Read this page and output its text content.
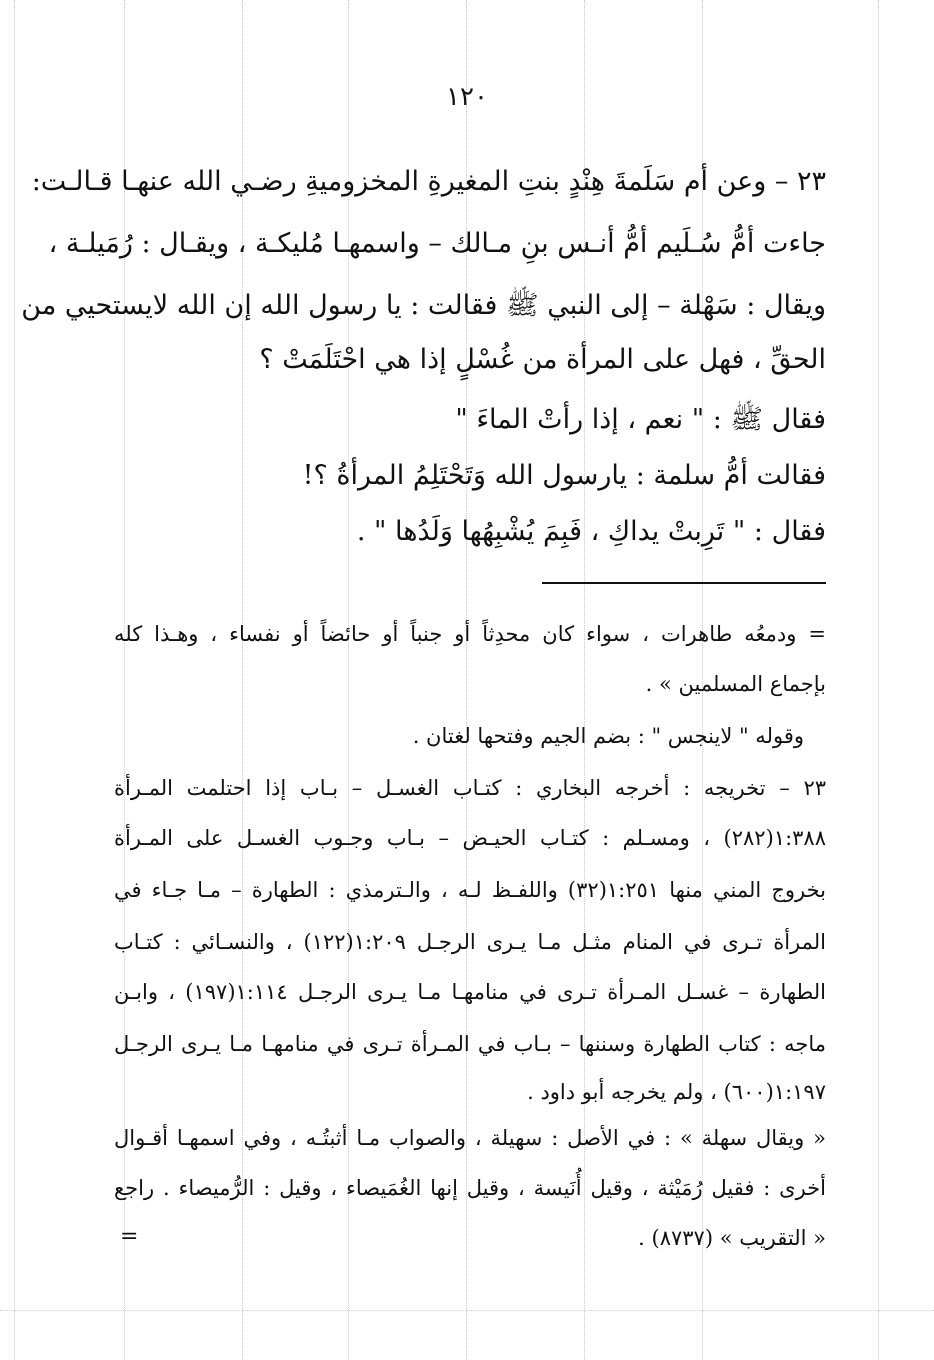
١٢٠
٢٣ – وعن أم سَلَمةَ هِنْدٍ بنتِ المغيرةِ المخزوميةِ رضـي الله عنهـا قـالـت:
جاءت أمُّ سُـلَيم أمُّ أنـس بنِ مـالك – واسمهـا مُليكـة ، ويقـال : رُمَيلـة ،
ويقال : سَهْلة – إلى النبي ﷺ فقالت : يا رسول الله إن الله لايستحيي من
الحقِّ ، فهل على المرأة من غُسْلٍ إذا هي احْتَلَمَتْ ؟
فقال ﷺ : " نعم ، إذا رأتْ الماءَ "
فقالت أمُّ سلمة : يارسول الله وَتَحْتَلِمُ المرأةُ ؟!
فقال : " تَرِبتْ يداكِ ، فَبِمَ يُشْبِهُها وَلَدُها " .
= ودمعُه طاهرات ، سواء كان محدِثاً أو جنباً أو حائضاً أو نفساء ، وهـذا كله
بإجماع المسلمين » .
وقوله " لاينجس " : بضم الجيم وفتحها لغتان .
٢٣ – تخريجه : أخرجه البخاري : كتـاب الغسـل – بـاب إذا احتلمت المـرأة
١:٣٨٨(٢٨٢) ، ومسـلم : كتـاب الحيـض – بـاب وجـوب الغسـل على المـرأة
بخروج المني منها ١:٢٥١(٣٢) واللفـظ لـه ، والـترمذي : الطهارة – مـا جـاء في
المرأة تـرى في المنام مثـل مـا يـرى الرجـل ١:٢٠٩(١٢٢) ، والنسـائي : كتـاب
الطهارة – غسـل المـرأة تـرى في منامهـا مـا يـرى الرجـل ١:١١٤(١٩٧) ، وابـن
ماجه : كتاب الطهارة وسننها – بـاب في المـرأة تـرى في منامهـا مـا يـرى الرجـل
١:١٩٧(٦٠٠) ، ولم يخرجه أبو داود .
« ويقال سهلة » : في الأصل : سهيلة ، والصواب مـا أثبتُـه ، وفي اسمهـا أقـوال
أخرى : فقيل رُمَيْثة ، وقيل أُنَيسة ، وقيل إنها الغُمَيصاء ، وقيل : الرُّميصاء . راجع
« التقريب » (٨٧٣٧) .
=
